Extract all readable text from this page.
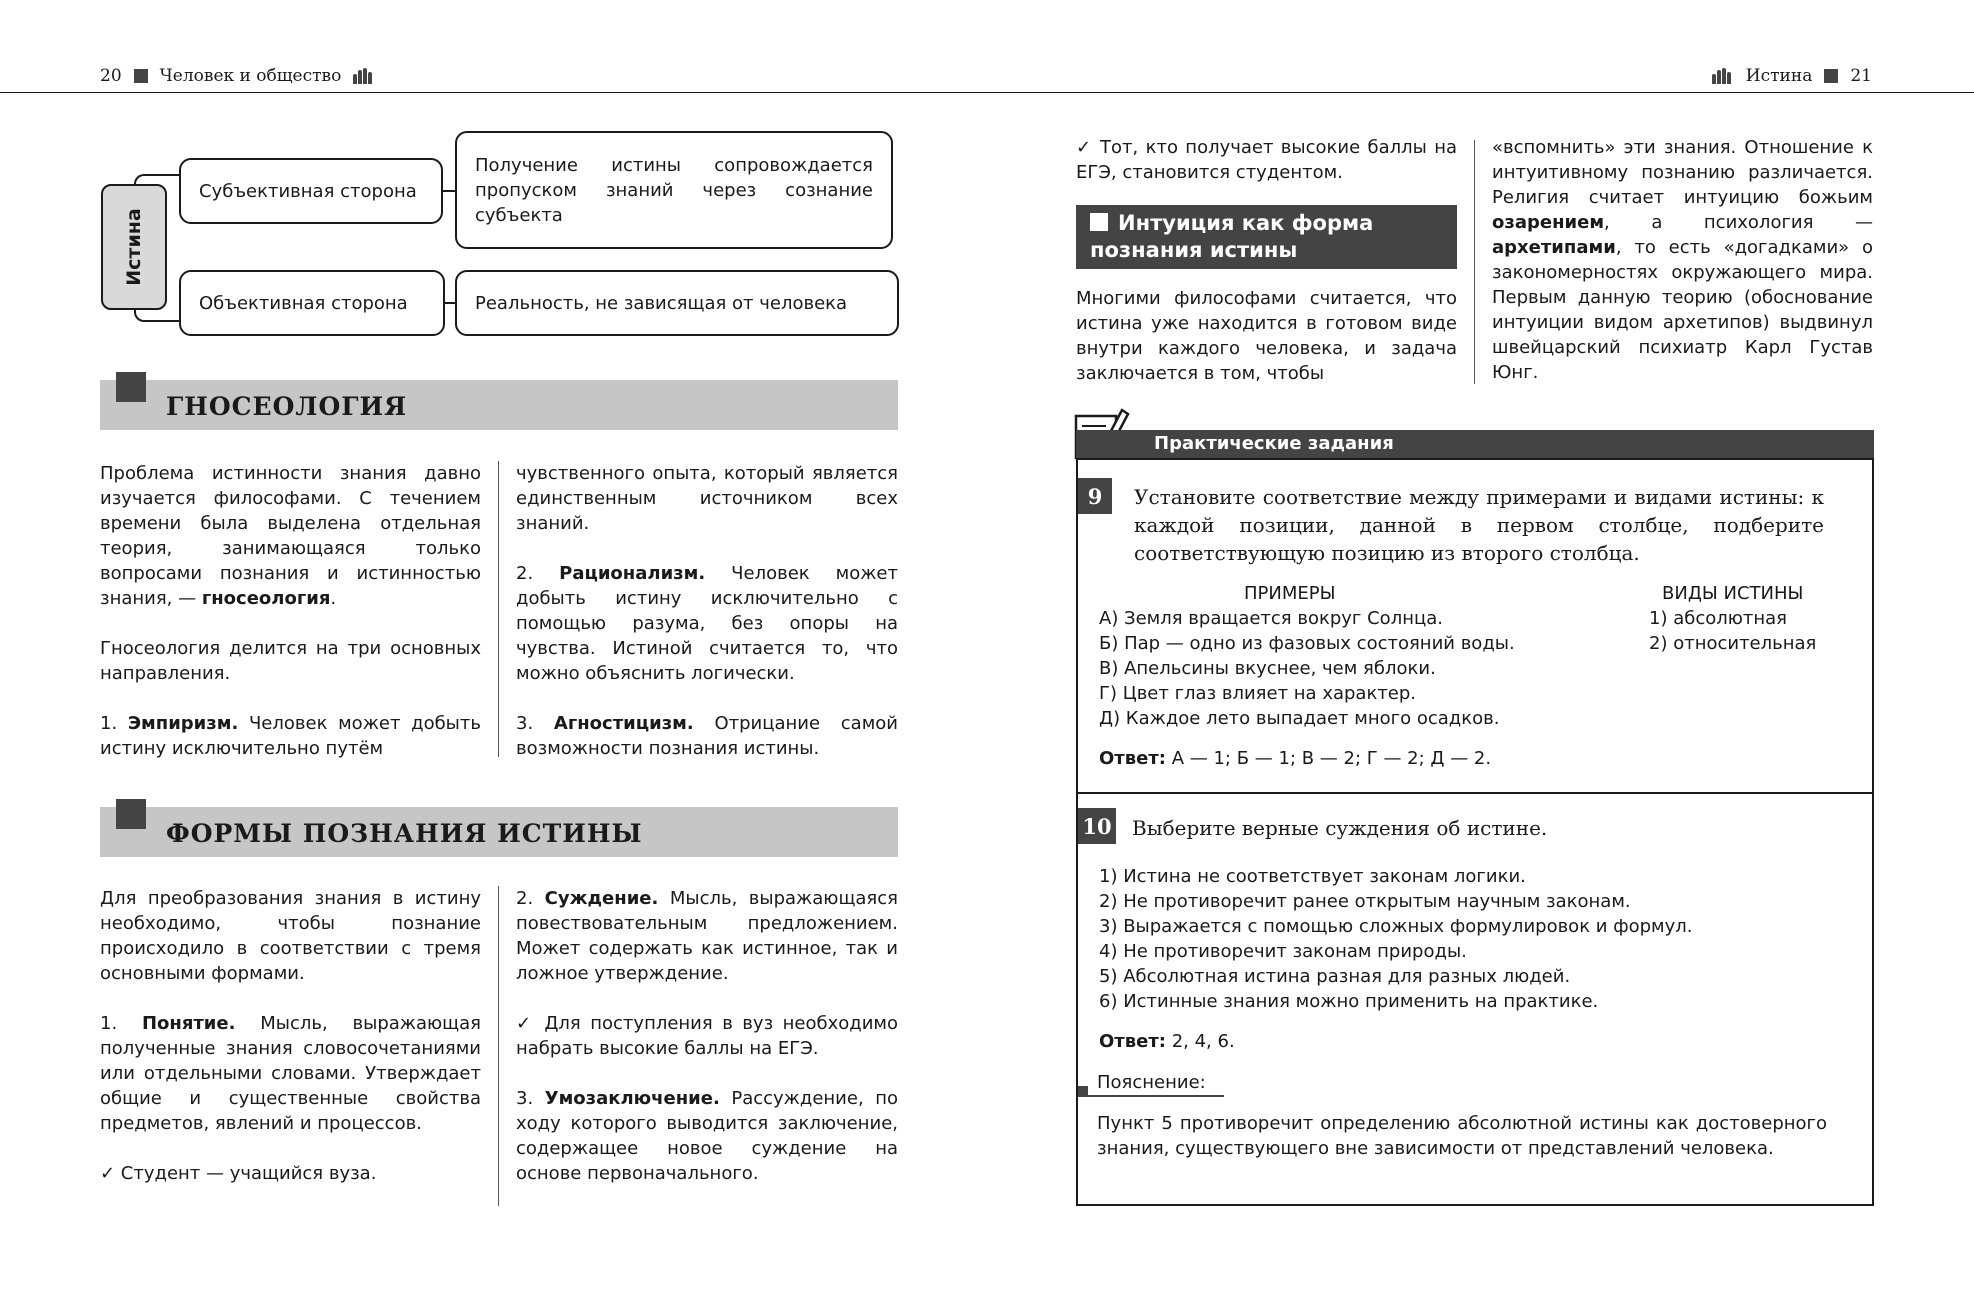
20 Человек и общество	Истина 21
Истина
Субъективная сторона
Получение истины сопровождается пропуском знаний через сознание субъекта
Объективная сторона	Реальность, не зависящая от человека
ГНОСЕОЛОГИЯ

Проблема истинности знания давно изучается философами. С течением времени была выделена отдельная теория, занимающаяся только вопросами познания и истинностью знания, — гносеология.

Гносеология делится на три основных направления.

1. Эмпиризм. Человек может добыть истину исключительно путём

чувственного опыта, который является единственным источником всех знаний.

2. Рационализм. Человек может добыть истину исключительно с помощью разума, без опоры на чувства. Истиной считается то, что можно объяснить логически.

3. Агностицизм. Отрицание самой возможности познания истины.

ФОРМЫ ПОЗНАНИЯ ИСТИНЫ

Для преобразования знания в истину необходимо, чтобы познание происходило в соответствии с тремя основными формами.

1. Понятие. Мысль, выражающая полученные знания словосочетаниями или отдельными словами. Утверждает общие и существенные свойства предметов, явлений и процессов.

✓ Студент — учащийся вуза.

2. Суждение. Мысль, выражающаяся повествовательным предложением. Может содержать как истинное, так и ложное утверждение.

✓ Для поступления в вуз необходимо набрать высокие баллы на ЕГЭ.

3. Умозаключение. Рассуждение, по ходу которого выводится заключение, содержащее новое суждение на основе первоначального.

✓ Тот, кто получает высокие баллы на ЕГЭ, становится студентом.

Интуиция как форма познания истины
Многими философами считается, что истина уже находится в готовом виде внутри каждого человека, и задача заключается в том, чтобы

«вспомнить» эти знания. Отношение к интуитивному познанию различается. Религия считает интуицию божьим озарением, а психология — архетипами, то есть «догадками» о закономерностях окружающего мира. Первым данную теорию (обоснование интуиции видом архетипов) выдвинул швейцарский психиатр Карл Густав Юнг.

Практические задания
9	Установите соответствие между примерами и видами истины: к каждой позиции, данной в первом столбце, подберите соответствующую позицию из второго столбца.
ПРИМЕРЫ	ВИДЫ ИСТИНЫ
А) Земля вращается вокруг Солнца.
Б) Пар — одно из фазовых состояний воды.
В) Апельсины вкуснее, чем яблоки.
Г) Цвет глаз влияет на характер.
Д) Каждое лето выпадает много осадков.
1) абсолютная
2) относительная
Ответ: А — 1; Б — 1; В — 2; Г — 2; Д — 2.
10 Выберите верные суждения об истине.
1) Истина не соответствует законам логики.
2) Не противоречит ранее открытым научным законам.
3) Выражается с помощью сложных формулировок и формул.
4) Не противоречит законам природы.
5) Абсолютная истина разная для разных людей.
6) Истинные знания можно применить на практике.
Ответ: 2, 4, 6.
Пояснение:
Пункт 5 противоречит определению абсолютной истины как достоверного знания, существующего вне зависимости от представлений человека.
